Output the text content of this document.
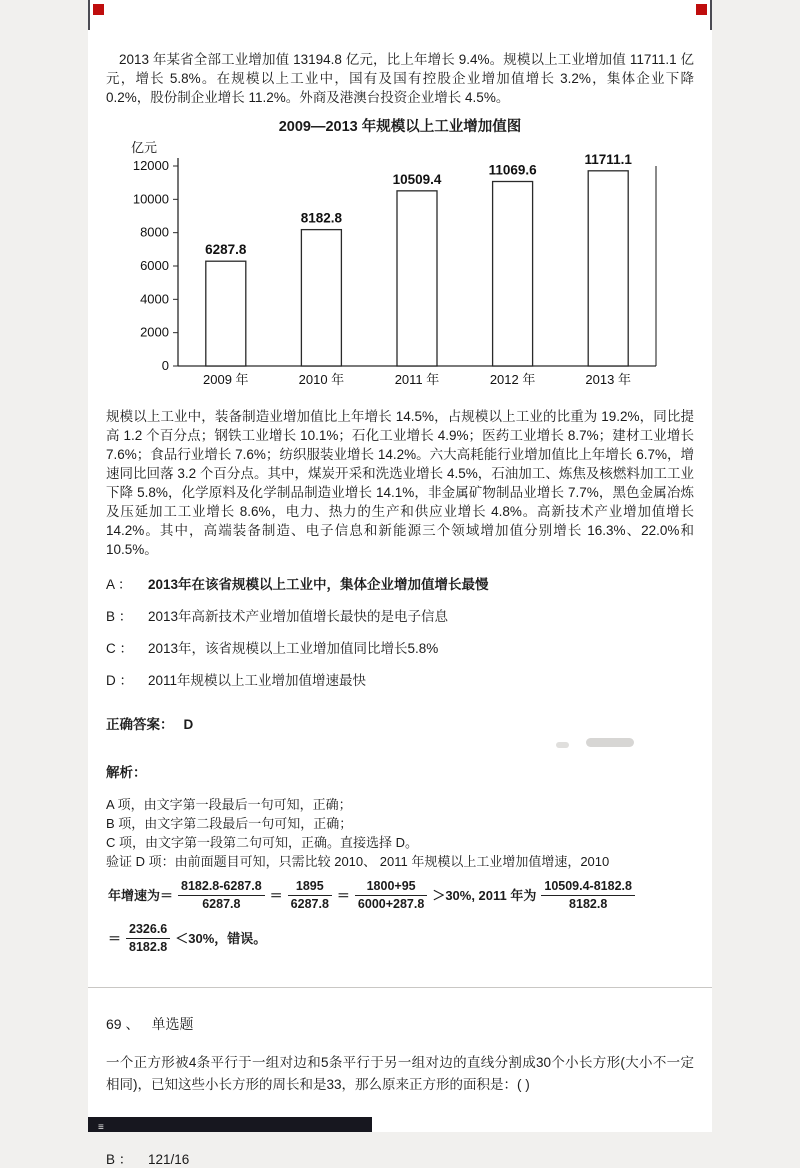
2013 年某省全部工业增加值 13194.8 亿元，比上年增长 9.4%。规模以上工业增加值 11711.1 亿元，增长 5.8%。在规模以上工业中，国有及国有控股企业增加值增长 3.2%，集体企业下降 0.2%，股份制企业增长 11.2%。外商及港澳台投资企业增长 4.5%。

2009—2013 年规模以上工业增加值图
亿元
0
2000
4000
6000
8000
10000
12000
6287.8
2009 年
8182.8
2010 年
10509.4
2011 年
11069.6
2012 年
11711.1
2013 年

规模以上工业中，装备制造业增加值比上年增长 14.5%，占规模以上工业的比重为 19.2%，同比提高 1.2 个百分点；钢铁工业增长 10.1%；石化工业增长 4.9%；医药工业增长 8.7%；建材工业增长 7.6%；食品行业增长 7.6%；纺织服装业增长 14.2%。六大高耗能行业增加值比上年增长 6.7%，增速同比回落 3.2 个百分点。其中，煤炭开采和洗选业增长 4.5%，石油加工、炼焦及核燃料加工工业下降 5.8%，化学原料及化学制品制造业增长 14.1%，非金属矿物制品业增长 7.7%，黑色金属冶炼及压延加工工业增长 8.6%，电力、热力的生产和供应业增长 4.8%。高新技术产业增加值增长 14.2%。其中，高端装备制造、电子信息和新能源三个领域增加值分别增长 16.3%、22.0%和 10.5%。

A ： 2013年在该省规模以上工业中，集体企业增加值增长最慢
B ： 2013年高新技术产业增加值增长最快的是电子信息
C ： 2013年，该省规模以上工业增加值同比增长5.8%
D ： 2011年规模以上工业增加值增速最快
正确答案： D
解析：
A 项，由文字第一段最后一句可知，正确；
B 项，由文字第二段最后一句可知，正确；
C 项，由文字第一段第二句可知，正确。直接选择 D。
验证 D 项：由前面题目可知，只需比较 2010、 2011 年规模以上工业增加值增速，2010
年增速为＝ $\frac{8182.8-6287.8}{6287.8} = \frac{1895}{6287.8} = \frac{1800+95}{6000+287.8} >30\%$, 2011 年为 $\frac{10509.4-8182.8}{8182.8}$
＝ $\frac{2326.6}{8182.8} <30\%$，错误。
69 、 单选题

一个正方形被4条平行于一组对边和5条平行于另一组对边的直线分割成30个小长方形(大小不一定相同)，已知这些小长方形的周长和是33，那么原来正方形的面积是：( )

B ： 121/16
≡
